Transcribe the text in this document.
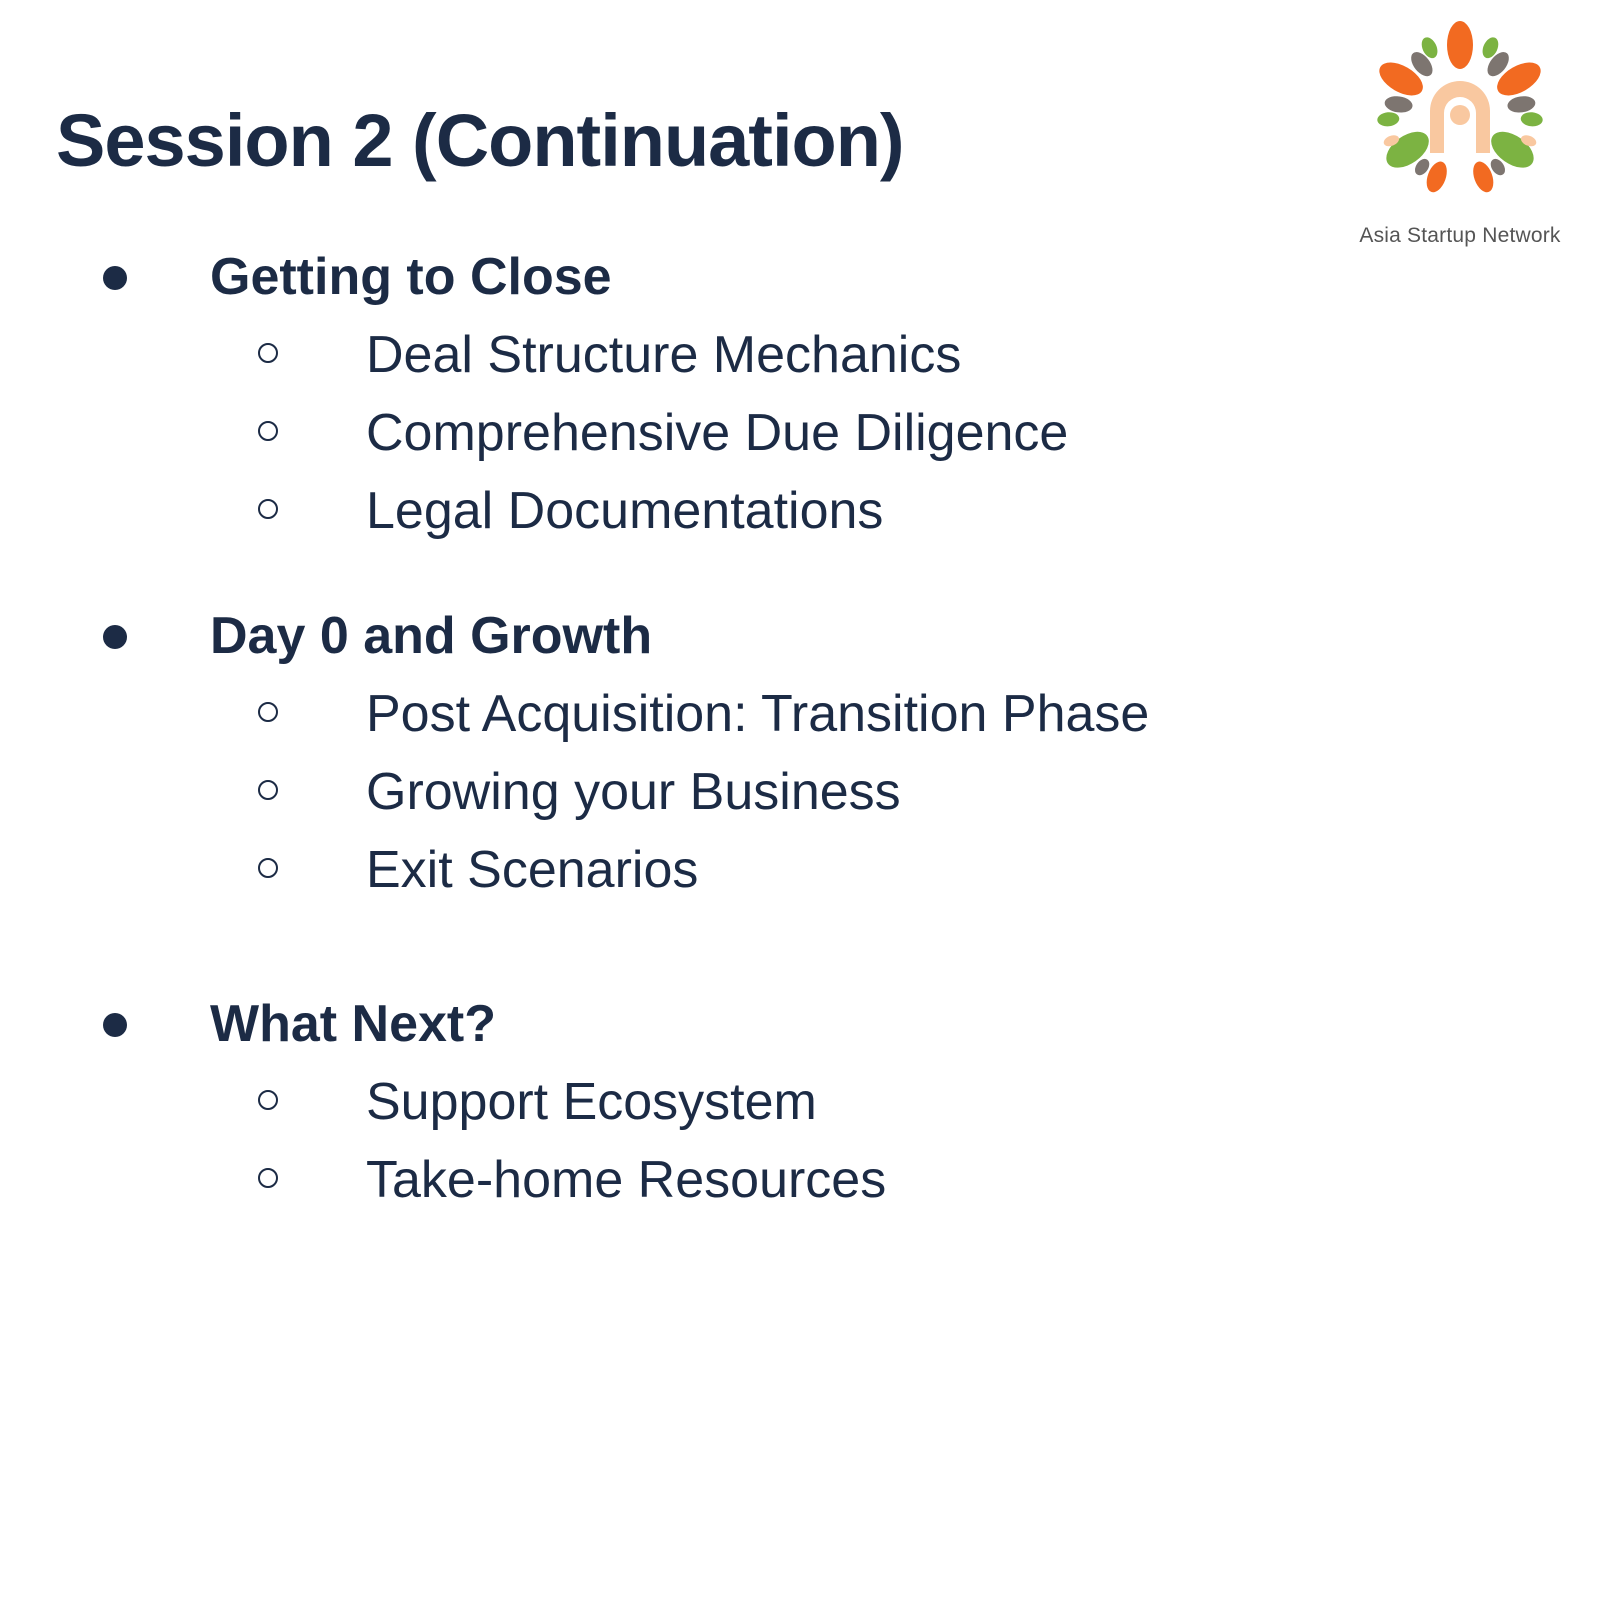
Session 2 (Continuation)
Asia Startup Network
Getting to Close
Deal Structure Mechanics
Comprehensive Due Diligence
Legal Documentations
Day 0 and Growth
Post Acquisition: Transition Phase
Growing your Business
Exit Scenarios
What Next?
Support Ecosystem
Take-home Resources
